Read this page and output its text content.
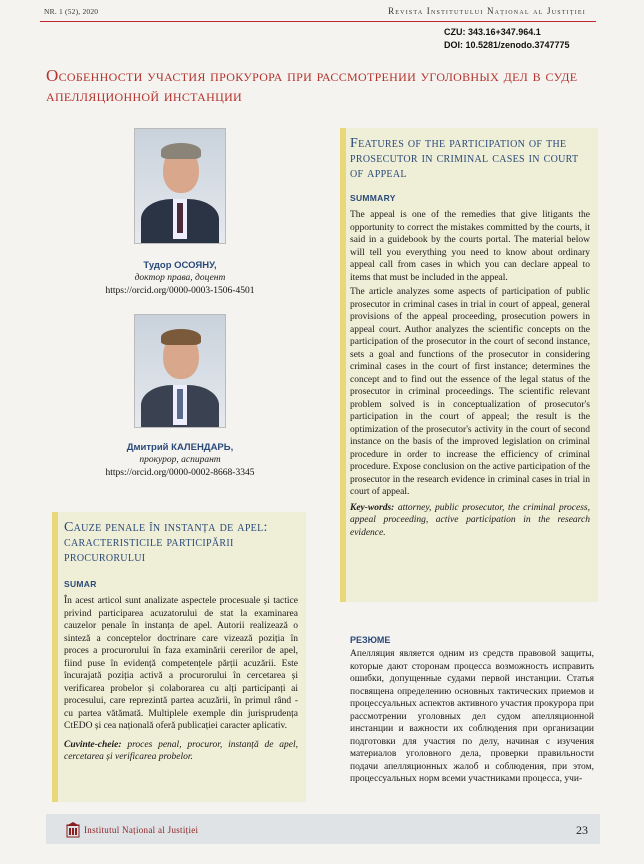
NR. 1 (52), 2020	Revista Institutului Național al Justiției
CZU: 343.16+347.964.1
DOI: 10.5281/zenodo.3747775
Особенности участия прокурора при рассмотрении уголовных дел в суде апелляционной инстанции
Тудор ОСОЯНУ,
доктор права, доцент
https://orcid.org/0000-0003-1506-4501
Дмитрий КАЛЕНДАРЬ,
прокурор, аспирант
https://orcid.org/0000-0002-8668-3345
Features of the participation of the prosecutor in criminal cases in court of appeal
SUMMARY

The appeal is one of the remedies that give litigants the opportunity to correct the mistakes committed by the courts, it said in a guidebook by the courts portal. The material below will tell you everything you need to know about ordinary appeal call from cases in which you can declare appeal to items that must be included in the appeal.

The article analyzes some aspects of participation of public prosecutor in criminal cases in trial in court of appeal, general provisions of the appeal proceeding, prosecution powers in appeal court. Author analyzes the scientific concepts on the participation of the prosecutor in the court of second instance, sets a goal and functions of the prosecutor in considering criminal cases in the court of first instance; determines the concept and to find out the essence of the legal status of the prosecutor in criminal proceedings. The scientific relevant problem solved is in conceptualization of prosecutor's participation in the court of appeal; the result is the optimization of the prosecutor's activity in the court of second instance on the basis of the improved legislation on criminal procedure in order to increase the efficiency of criminal procedure. Expose conclusion on the active participation of the prosecutor in the research evidence in criminal cases in trial in court of appeal.

Key-words: attorney, public prosecutor, the criminal process, appeal proceeding, active participation in the research evidence.

Cauze penale în instanța de apel: caracteristicile participării procurorului
SUMAR

În acest articol sunt analizate aspectele procesuale și tactice privind participarea acuzatorului de stat la examinarea cauzelor penale în instanța de apel. Autorii realizează o sinteză a conceptelor doctrinare care vizează poziția în proces a procurorului în faza examinării cererilor de apel, fiind puse în evidență competențele părții acuzării. Este încurajată poziția activă a procurorului în cercetarea și verificarea probelor și colaborarea cu alți participanți ai procesului, care reprezintă partea acuzării, în primul rând - cu partea vătămată. Multiplele exemple din jurisprudența CtEDO și cea națională oferă publicației caracter aplicativ.

Cuvinte-cheie: proces penal, procuror, instanță de apel, cercetarea și verificarea probelor.

РЕЗЮМЕ
Апелляция является одним из средств правовой защиты, которые дают сторонам процесса возможность исправить ошибки, допущенные судами первой инстанции. Статья посвящена определению основных тактических приемов и процессуальных аспектов активного участия прокурора при рассмотрении уголовных дел судом апелляционной инстанции и важности их соблюдения при организации подготовки для участия по делу, начиная с изучения материалов уголовного дела, проверки правильности подачи апелляционных жалоб и соблюдения, при этом, процессуальных норм всеми участниками процесса, учи-
Institutul Național al Justiției	23
